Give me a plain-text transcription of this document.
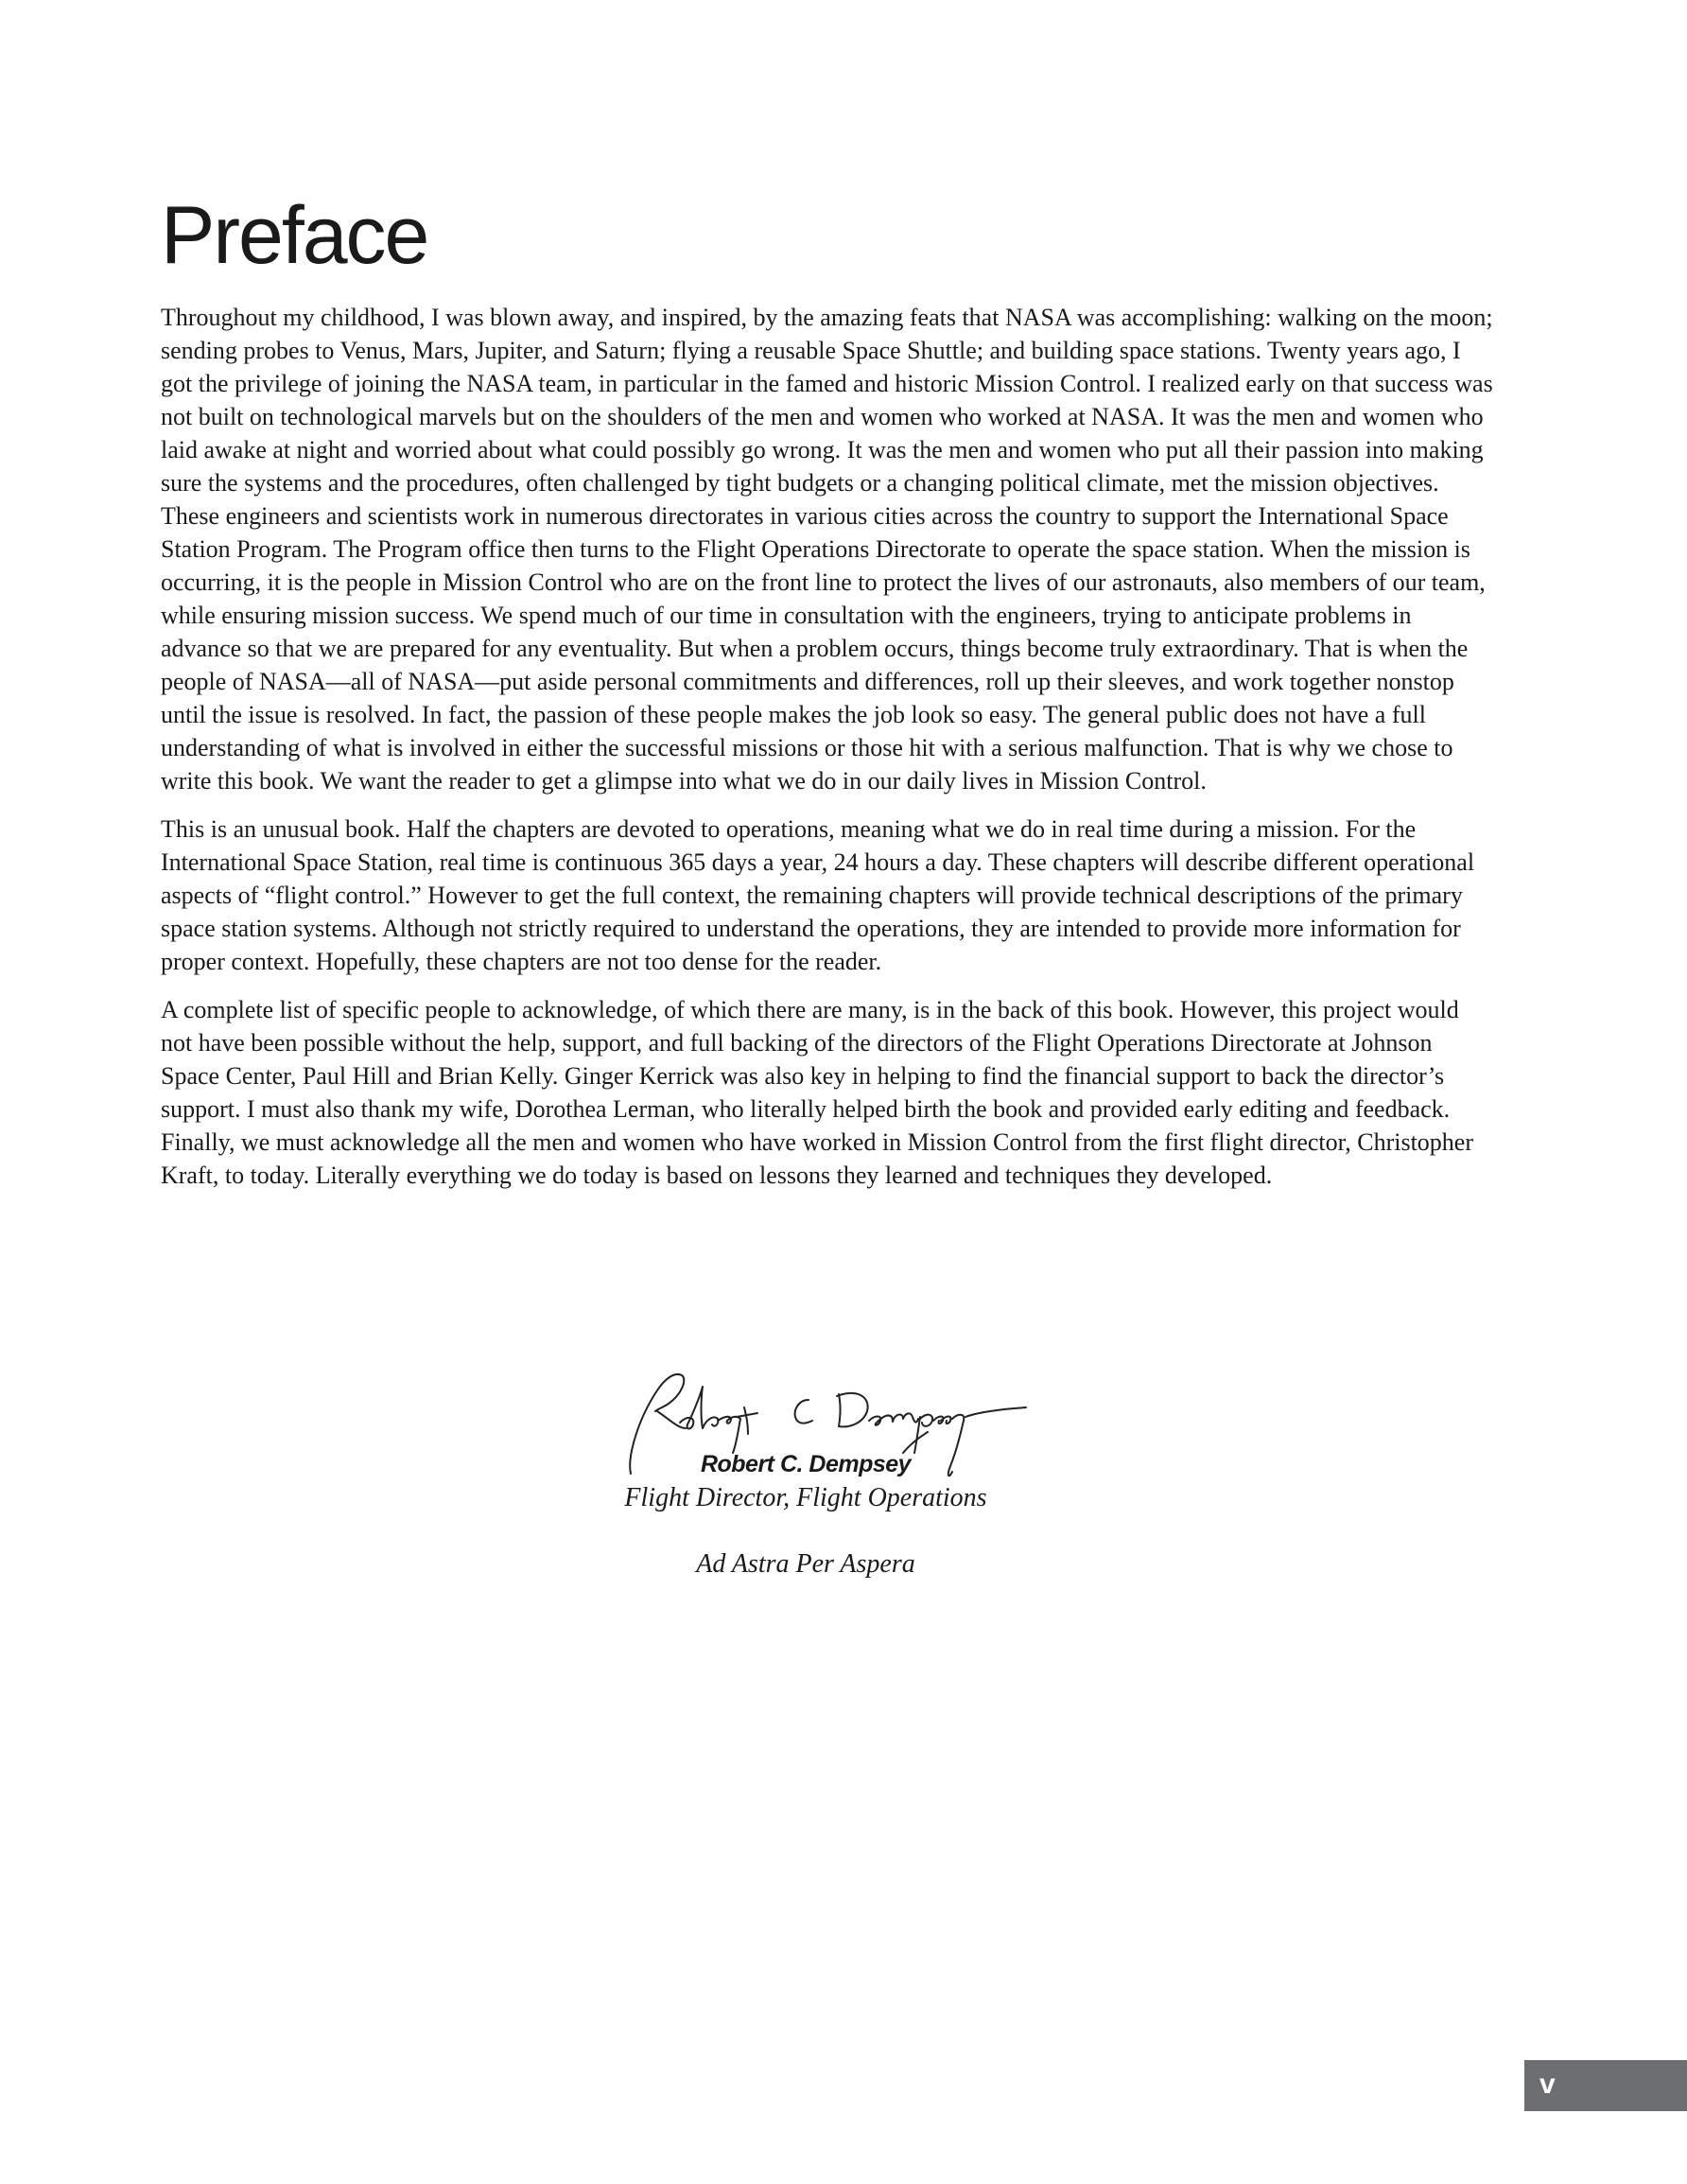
Preface

Throughout my childhood, I was blown away, and inspired, by the amazing feats that NASA was accomplishing: walking on the moon; sending probes to Venus, Mars, Jupiter, and Saturn; flying a reusable Space Shuttle; and building space stations. Twenty years ago, I got the privilege of joining the NASA team, in particular in the famed and historic Mission Control. I realized early on that success was not built on technological marvels but on the shoulders of the men and women who worked at NASA. It was the men and women who laid awake at night and worried about what could possibly go wrong. It was the men and women who put all their passion into making sure the systems and the procedures, often challenged by tight budgets or a changing political climate, met the mission objectives. These engineers and scientists work in numerous directorates in various cities across the country to support the International Space Station Program. The Program office then turns to the Flight Operations Directorate to operate the space station. When the mission is occurring, it is the people in Mission Control who are on the front line to protect the lives of our astronauts, also members of our team, while ensuring mission success. We spend much of our time in consultation with the engineers, trying to anticipate problems in advance so that we are prepared for any eventuality. But when a problem occurs, things become truly extraordinary. That is when the people of NASA—all of NASA—put aside personal commitments and differences, roll up their sleeves, and work together nonstop until the issue is resolved. In fact, the passion of these people makes the job look so easy. The general public does not have a full understanding of what is involved in either the successful missions or those hit with a serious malfunction. That is why we chose to write this book. We want the reader to get a glimpse into what we do in our daily lives in Mission Control.

This is an unusual book. Half the chapters are devoted to operations, meaning what we do in real time during a mission. For the International Space Station, real time is continuous 365 days a year, 24 hours a day. These chapters will describe different operational aspects of “flight control.” However to get the full context, the remaining chapters will provide technical descriptions of the primary space station systems. Although not strictly required to understand the operations, they are intended to provide more information for proper context. Hopefully, these chapters are not too dense for the reader.

A complete list of specific people to acknowledge, of which there are many, is in the back of this book. However, this project would not have been possible without the help, support, and full backing of the directors of the Flight Operations Directorate at Johnson Space Center, Paul Hill and Brian Kelly. Ginger Kerrick was also key in helping to find the financial support to back the director’s support. I must also thank my wife, Dorothea Lerman, who literally helped birth the book and provided early editing and feedback. Finally, we must acknowledge all the men and women who have worked in Mission Control from the first flight director, Christopher Kraft, to today. Literally everything we do today is based on lessons they learned and techniques they developed.

Robert C. Dempsey
Flight Director, Flight Operations
Ad Astra Per Aspera
v
